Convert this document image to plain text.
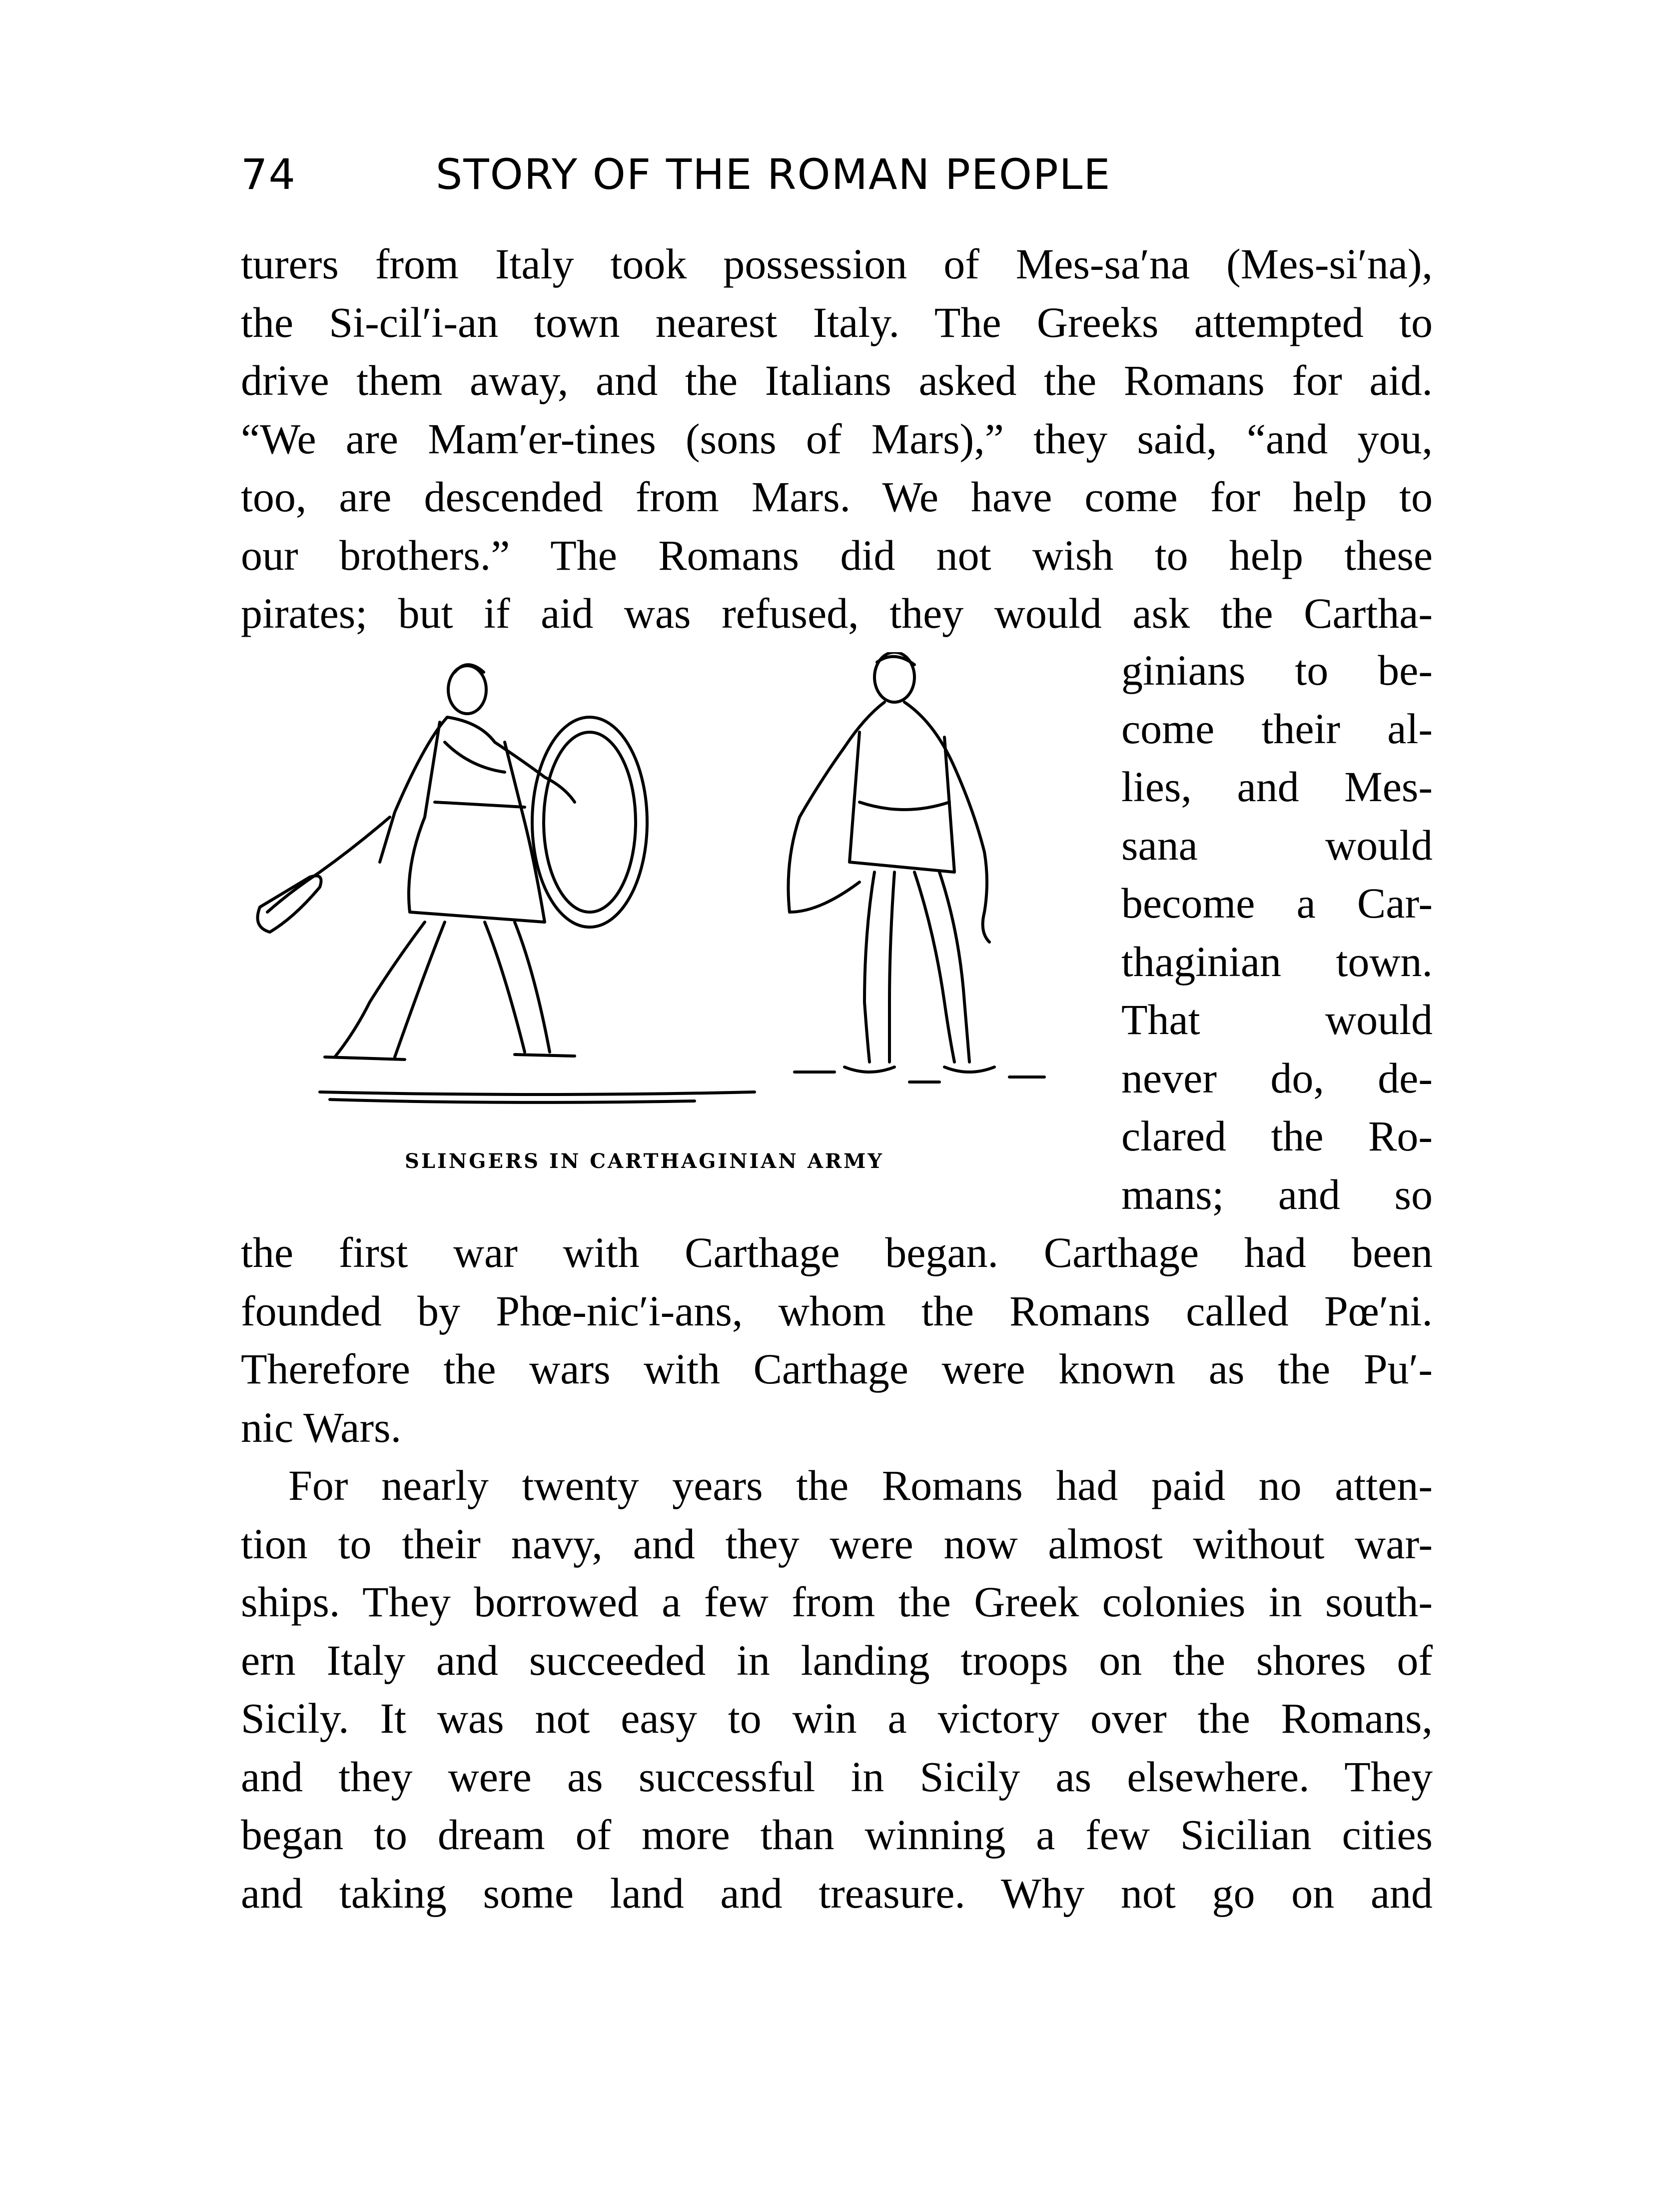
74	STORY OF THE ROMAN PEOPLE
turers from Italy took possession of Mes-sa′na (Mes-si′na),
the Si-cil′i-an town nearest Italy. The Greeks attempted to
drive them away, and the Italians asked the Romans for aid.
“We are Mam′er-tines (sons of Mars),” they said, “and you,
too, are descended from Mars. We have come for help to
our brothers.” The Romans did not wish to help these
pirates; but if aid was refused, they would ask the Cartha-
SLINGERS IN CARTHAGINIAN ARMY
ginians to be-
come their al-
lies, and Mes-
sana would
become a Car-
thaginian town.
That would
never do, de-
clared the Ro-
mans; and so
the first war with Carthage began. Carthage had been
founded by Phœ-nic′i-ans, whom the Romans called Pœ′ni.
Therefore the wars with Carthage were known as the Pu′-
nic Wars.
For nearly twenty years the Romans had paid no atten-
tion to their navy, and they were now almost without war-
ships. They borrowed a few from the Greek colonies in south-
ern Italy and succeeded in landing troops on the shores of
Sicily. It was not easy to win a victory over the Romans,
and they were as successful in Sicily as elsewhere. They
began to dream of more than winning a few Sicilian cities
and taking some land and treasure. Why not go on and
